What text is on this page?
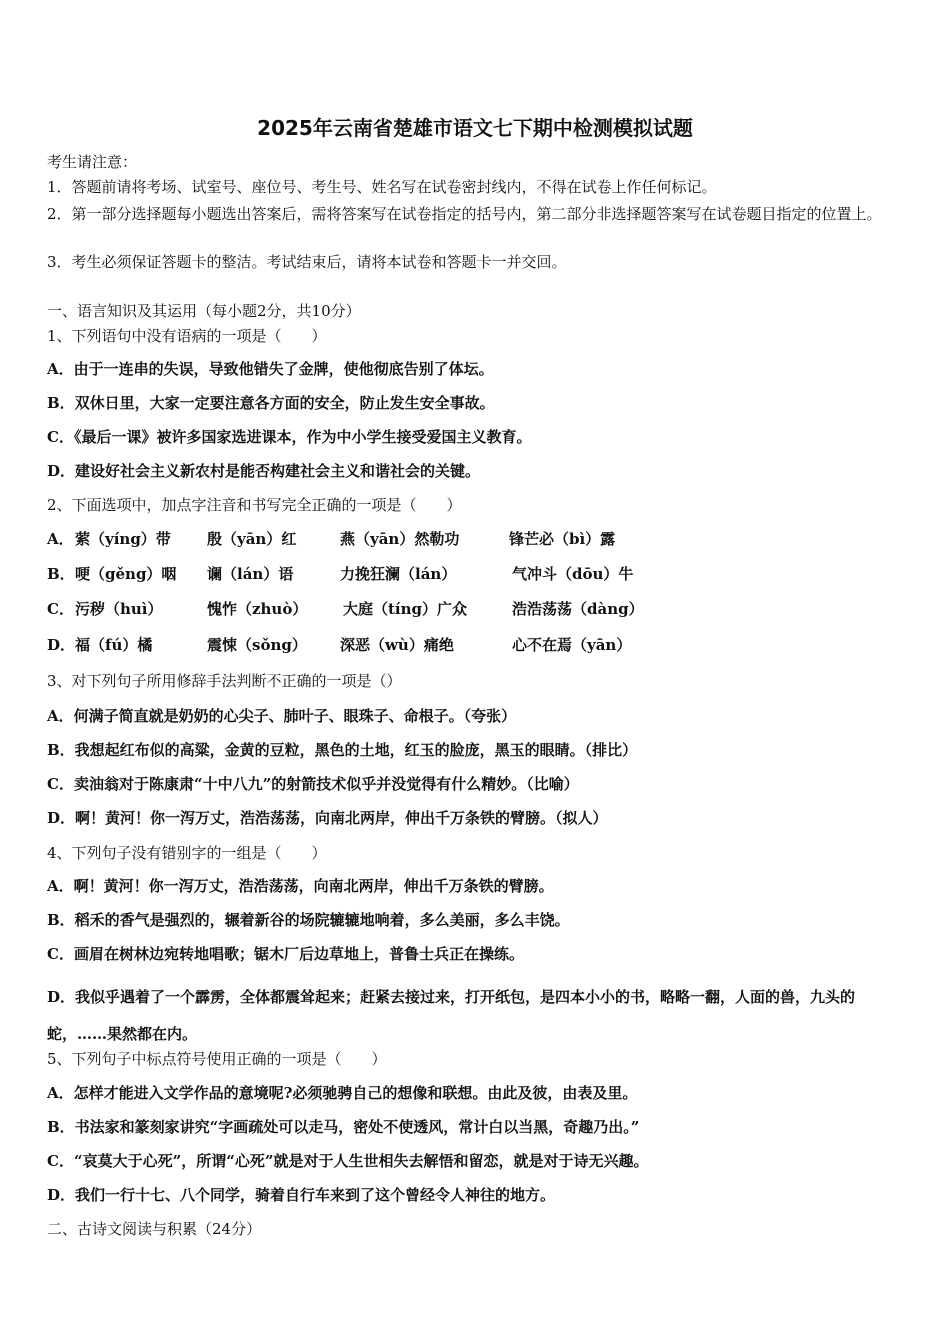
2025年云南省楚雄市语文七下期中检测模拟试题
考生请注意：
1．答题前请将考场、试室号、座位号、考生号、姓名写在试卷密封线内，不得在试卷上作任何标记。
2．第一部分选择题每小题选出答案后，需将答案写在试卷指定的括号内，第二部分非选择题答案写在试卷题目指定的位置上。
3．考生必须保证答题卡的整洁。考试结束后，请将本试卷和答题卡一并交回。
一、语言知识及其运用（每小题2分，共10分）
1、下列语句中没有语病的一项是（　　）
A．由于一连串的失误，导致他错失了金牌，使他彻底告别了体坛。
B．双休日里，大家一定要注意各方面的安全，防止发生安全事故。
C．《最后一课》被许多国家选进课本，作为中小学生接受爱国主义教育。
D．建设好社会主义新农村是能否构建社会主义和谐社会的关键。
2、下面选项中，加点字注音和书写完全正确的一项是（　　）
A． 萦（yíng）带 殷（yān）红	燕（yān）然勒功	锋芒必（bì）露
B． 哽（gěng）咽 谰（lán）语	力挽狂澜（lán）	气冲斗（dōu）牛
C． 污秽（huì）	愧怍（zhuò） 大庭（tíng）广众	浩浩荡荡（dàng）
D． 福（fú）橘	震悚（sǒng） 深恶（wù）痛绝	心不在焉（yān）
3、对下列句子所用修辞手法判断不正确的一项是（）
A．何满子简直就是奶奶的心尖子、肺叶子、眼珠子、命根子。（夸张）
B．我想起红布似的高粱，金黄的豆粒，黑色的土地，红玉的脸庞，黑玉的眼睛。（排比）
C．卖油翁对于陈康肃“十中八九”的射箭技术似乎并没觉得有什么精妙。（比喻）
D．啊！黄河！你一泻万丈，浩浩荡荡，向南北两岸，伸出千万条铁的臂膀。（拟人）
4、下列句子没有错别字的一组是（　　）
A．啊！黄河！你一泻万丈，浩浩荡荡，向南北两岸，伸出千万条铁的臂膀。
B．稻禾的香气是强烈的，辗着新谷的场院辘辘地响着，多么美丽，多么丰饶。
C．画眉在树林边宛转地唱歌；锯木厂后边草地上，普鲁士兵正在操练。
D．我似乎遇着了一个霹雳，全体都震耸起来；赶紧去接过来，打开纸包，是四本小小的书，略略一翻，人面的兽，九头的蛇，……果然都在内。
5、下列句子中标点符号使用正确的一项是（　　）
A．怎样才能进入文学作品的意境呢?必须驰骋自己的想像和联想。由此及彼，由表及里。
B．书法家和篆刻家讲究“字画疏处可以走马，密处不使透风，常计白以当黑，奇趣乃出。”
C．“哀莫大于心死”，所谓“心死”就是对于人生世相失去解悟和留恋，就是对于诗无兴趣。
D．我们一行十七、八个同学，骑着自行车来到了这个曾经令人神往的地方。
二、古诗文阅读与积累（24分）
